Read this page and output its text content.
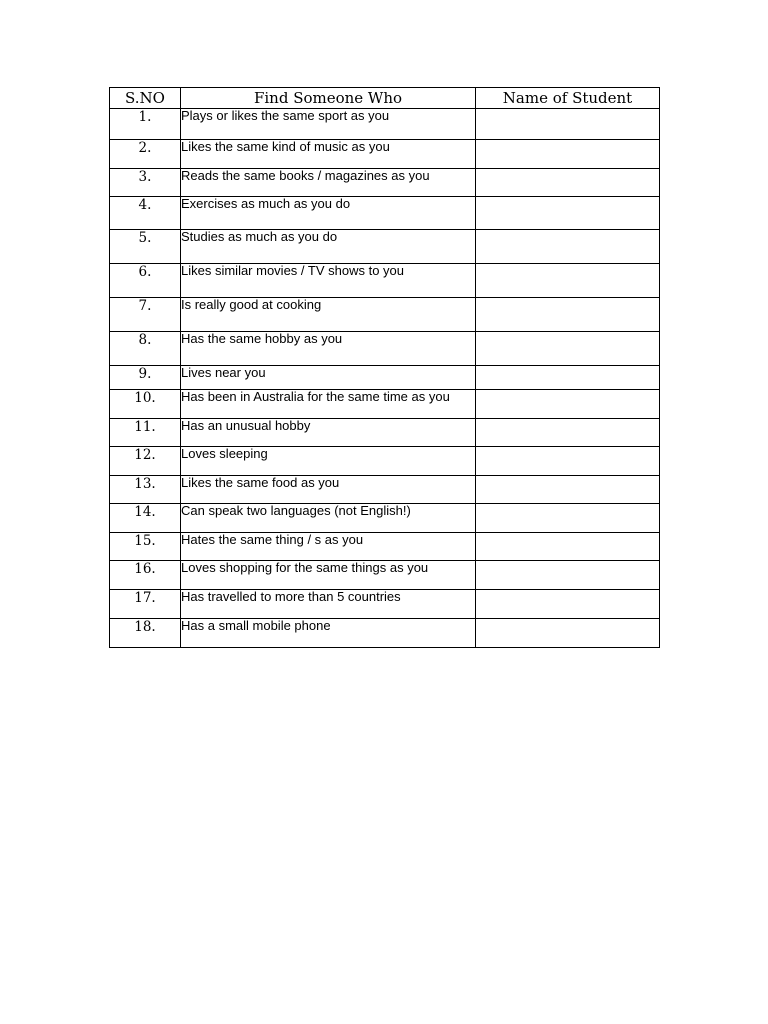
S.NO	Find Someone Who	Name of Student
1.	Plays or likes the same sport as you	
2.	Likes the same kind of music as you	
3.	Reads the same books / magazines as you	
4.	Exercises as much as you do	
5.	Studies as much as you do	
6.	Likes similar movies / TV shows to you	
7.	Is really good at cooking	
8.	Has the same hobby as you	
9.	Lives near you	
10.	Has been in Australia for the same time as you	
11.	Has an unusual hobby	
12.	Loves sleeping	
13.	Likes the same food as you	
14.	Can speak two languages (not English!)	
15.	Hates the same thing / s as you	
16.	Loves shopping for the same things as you	
17.	Has travelled to more than 5 countries	
18.	Has a small mobile phone	
